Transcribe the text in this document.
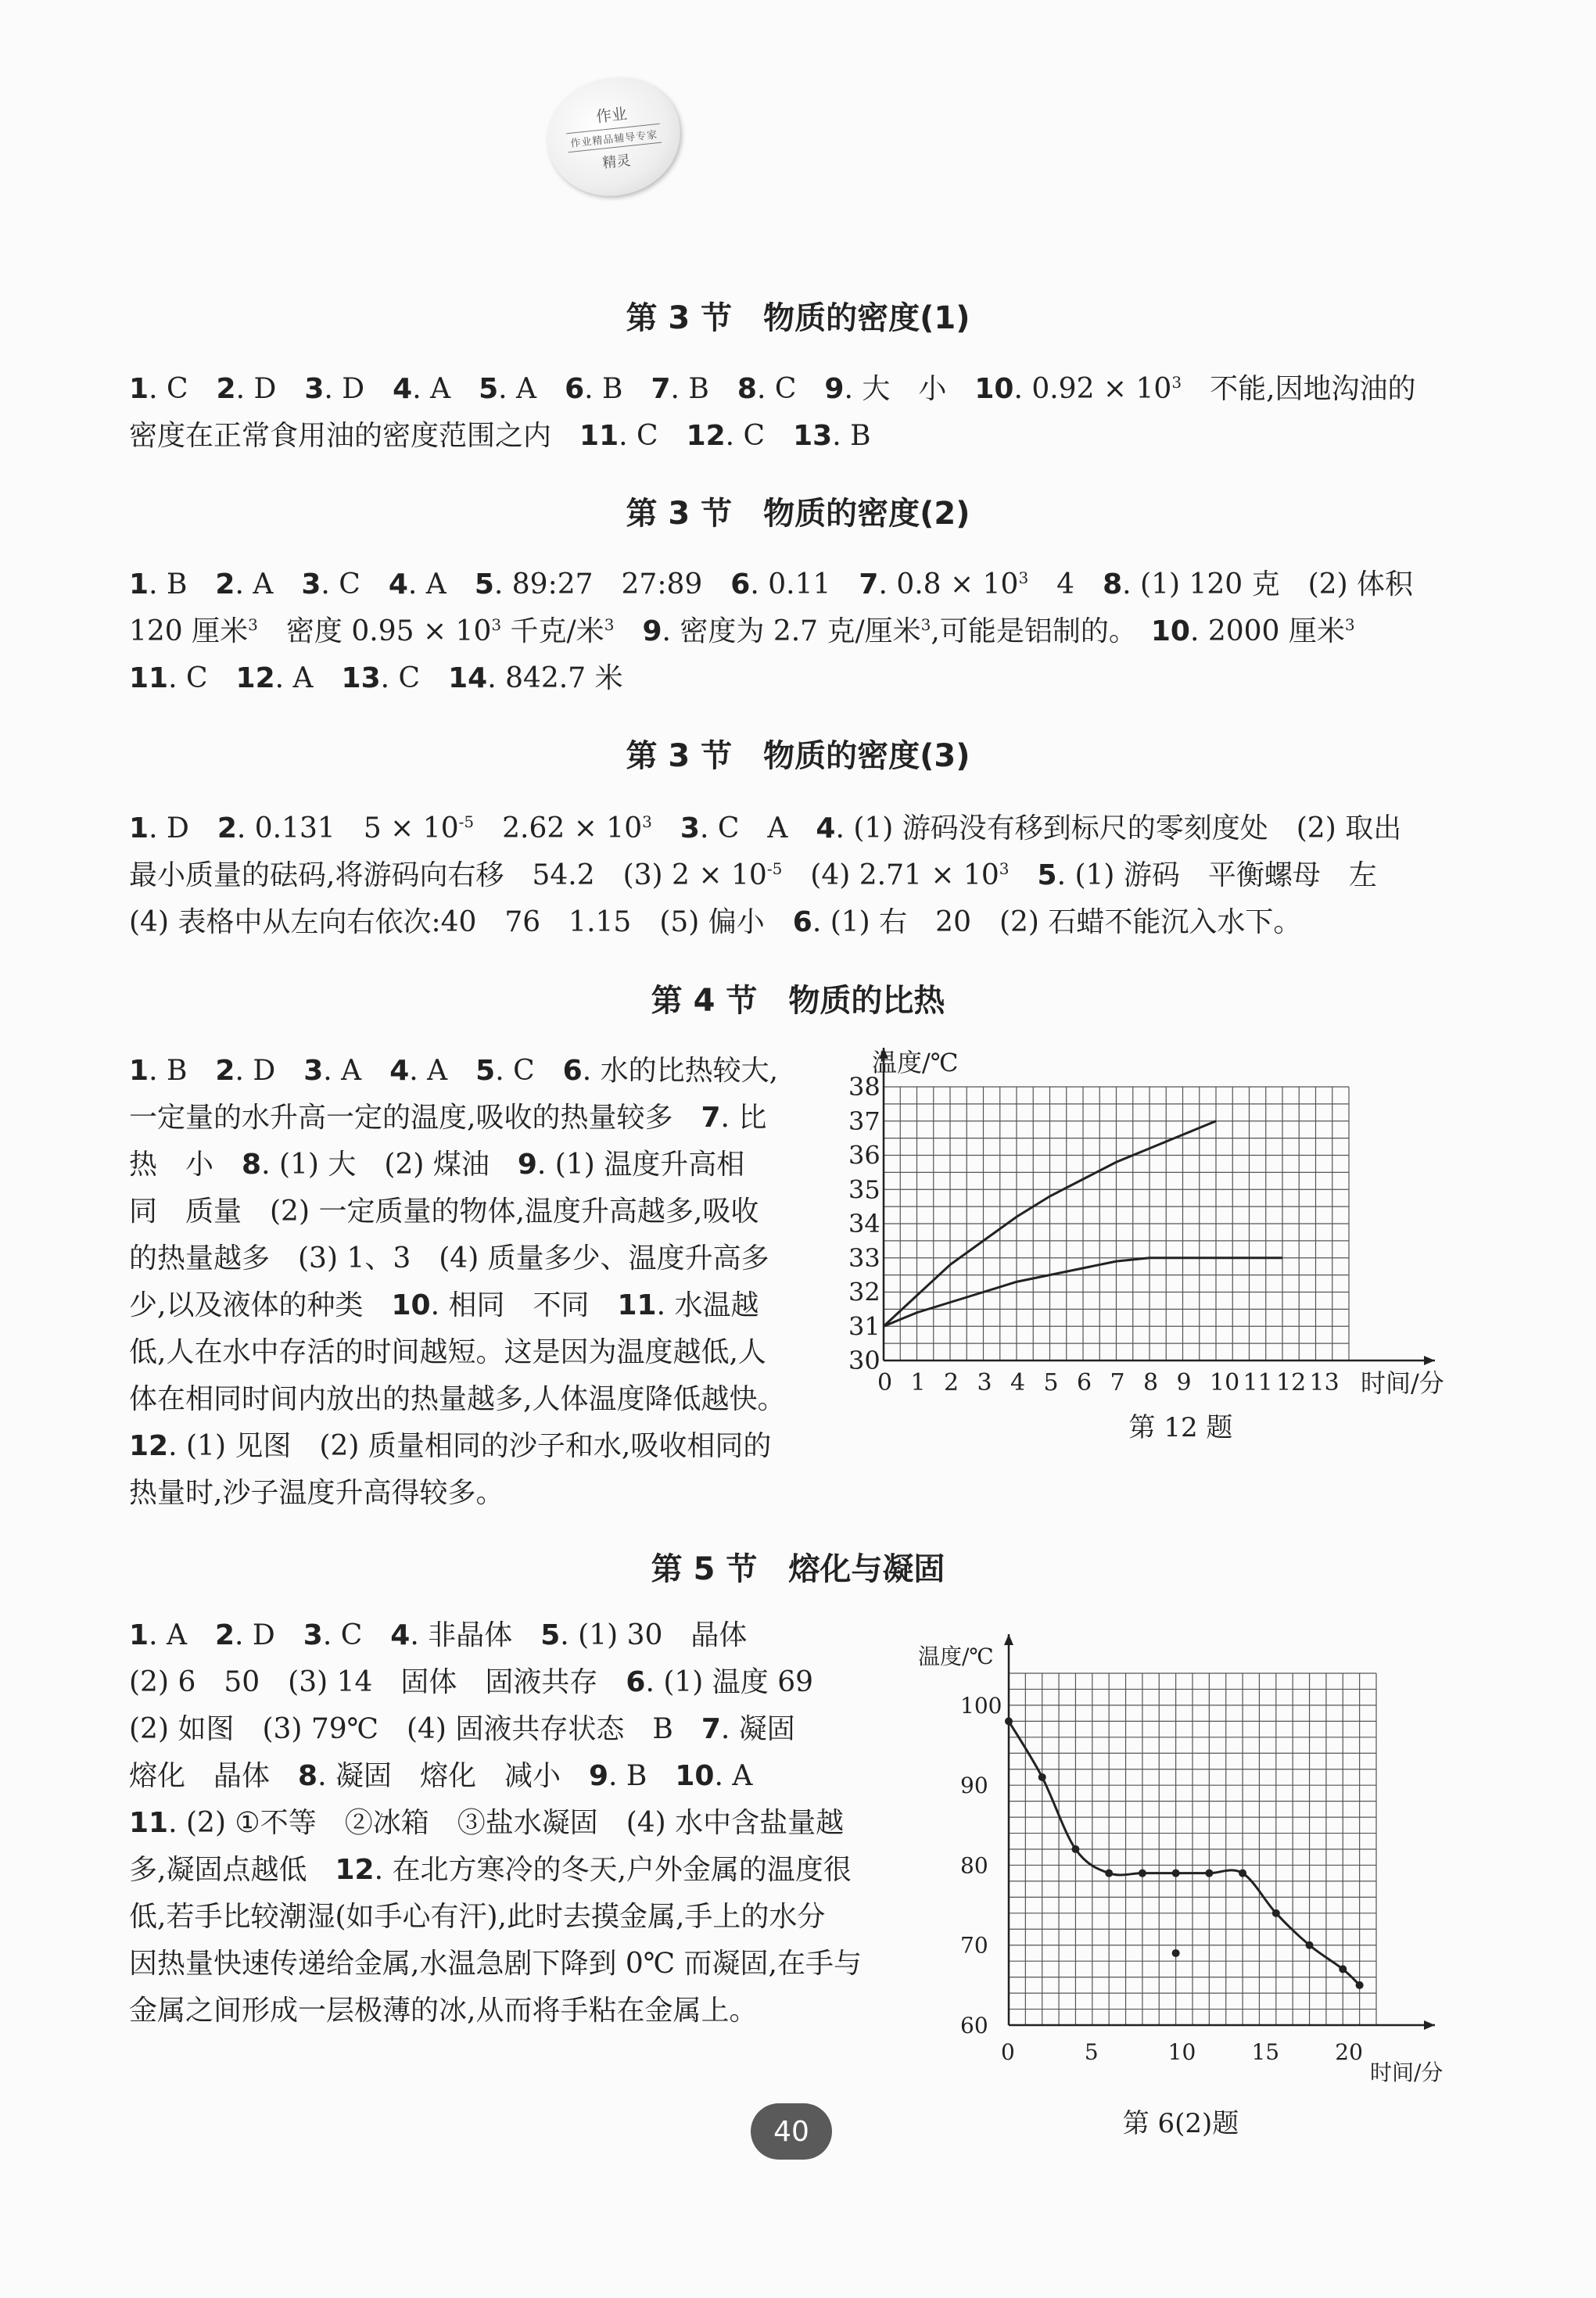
作业
作业精品辅导专家
精灵
第 3 节　物质的密度(1)

1. C　2. D　3. D　4. A　5. A　6. B　7. B　8. C　9. 大　小　10. $0.92 \times 10^3$　不能,因地沟油的
密度在正常食用油的密度范围之内　11. C　12. C　13. B

第 3 节　物质的密度(2)

1. B　2. A　3. C　4. A　5. 89:27　27:89　6. 0.11　7. $0.8 \times 10^3$　4　8. (1) 120 克　(2) 体积
120 厘米$^3$　密度 $0.95 \times 10^3$ 千克/米$^3$　 9. 密度为 2.7 克/厘米$^3$,可能是铝制的。　10. 2000 厘米$^3$
11. C　12. A　13. C　14. 842.7 米

第 3 节　物质的密度(3)

1. D　2. 0.131　$5 \times 10^{-5}$　$2.62 \times 10^3$　 3. C　A　4. (1) 游码没有移到标尺的零刻度处　(2) 取出
最小质量的砝码,将游码向右移　54.2　(3) $2 \times 10^{-5}$　(4) $2.71 \times 10^3$　 5. (1) 游码　平衡螺母　左
(4) 表格中从左向右依次:40　76　1.15　(5) 偏小　6. (1) 右　20　(2) 石蜡不能沉入水下。

第 4 节　物质的比热

1. B　2. D　3. A　4. A　5. C　6. 水的比热较大,
一定量的水升高一定的温度,吸收的热量较多　7. 比
热　小　8. (1) 大　(2) 煤油　9. (1) 温度升高相
同　质量　(2) 一定质量的物体,温度升高越多,吸收
的热量越多　(3) 1、3　(4) 质量多少、温度升高多
少,以及液体的种类　10. 相同　不同　11. 水温越
低,人在水中存活的时间越短。这是因为温度越低,人
体在相同时间内放出的热量越多,人体温度降低越快。
12. (1) 见图　(2) 质量相同的沙子和水,吸收相同的
热量时,沙子温度升高得较多。

温度/℃
时间/分
30
31
32
33
34
35
36
37
38
0 1 2 3 4 5 6 7 8 9 10 11 12 13
第 12 题
第 5 节　熔化与凝固

1. A　2. D　3. C　4. 非晶体　5. (1) 30　晶体
(2) 6　50　(3) 14　固体　固液共存　6. (1) 温度 69
(2) 如图　(3) 79℃　(4) 固液共存状态　B　7. 凝固
熔化　晶体　8. 凝固　熔化　减小　9. B　10. A
11. (2) ①不等　②冰箱　③盐水凝固　(4) 水中含盐量越
多,凝固点越低　12. 在北方寒冷的冬天,户外金属的温度很
低,若手比较潮湿(如手心有汗),此时去摸金属,手上的水分
因热量快速传递给金属,水温急剧下降到 0℃ 而凝固,在手与
金属之间形成一层极薄的冰,从而将手粘在金属上。

温度/℃
时间/分
60
70
80
90
100
0	5	10	15	20
第 6(2)题
40
